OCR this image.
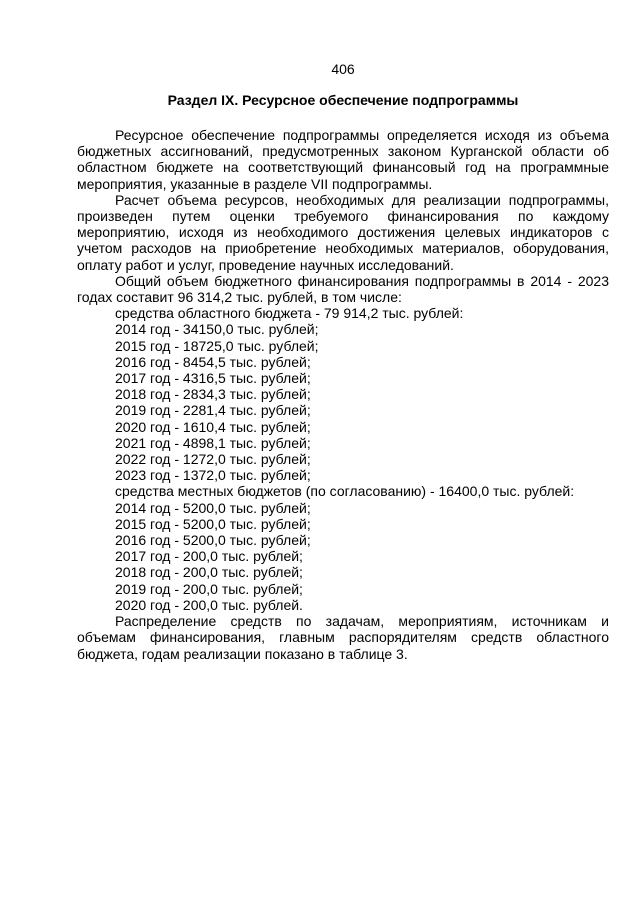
406
Раздел IX. Ресурсное обеспечение подпрограммы

Ресурсное обеспечение подпрограммы определяется исходя из объема бюджетных ассигнований, предусмотренных законом Курганской области об областном бюджете на соответствующий финансовый год на программные мероприятия, указанные в разделе VII подпрограммы.

Расчет объема ресурсов, необходимых для реализации подпрограммы, произведен путем оценки требуемого финансирования по каждому мероприятию, исходя из необходимого достижения целевых индикаторов с учетом расходов на приобретение необходимых материалов, оборудования, оплату работ и услуг, проведение научных исследований.

Общий объем бюджетного финансирования подпрограммы в 2014 - 2023 годах составит 96 314,2 тыс. рублей, в том числе:

средства областного бюджета - 79 914,2 тыс. рублей:

2014 год - 34150,0 тыс. рублей;

2015 год - 18725,0 тыс. рублей;

2016 год - 8454,5 тыс. рублей;

2017 год - 4316,5 тыс. рублей;

2018 год - 2834,3 тыс. рублей;

2019 год - 2281,4 тыс. рублей;

2020 год - 1610,4 тыс. рублей;

2021 год - 4898,1 тыс. рублей;

2022 год - 1272,0 тыс. рублей;

2023 год - 1372,0 тыс. рублей;

средства местных бюджетов (по согласованию) - 16400,0 тыс. рублей:

2014 год - 5200,0 тыс. рублей;

2015 год - 5200,0 тыс. рублей;

2016 год - 5200,0 тыс. рублей;

2017 год - 200,0 тыс. рублей;

2018 год - 200,0 тыс. рублей;

2019 год - 200,0 тыс. рублей;

2020 год - 200,0 тыс. рублей.

Распределение средств по задачам, мероприятиям, источникам и объемам финансирования, главным распорядителям средств областного бюджета, годам реализации показано в таблице 3.
